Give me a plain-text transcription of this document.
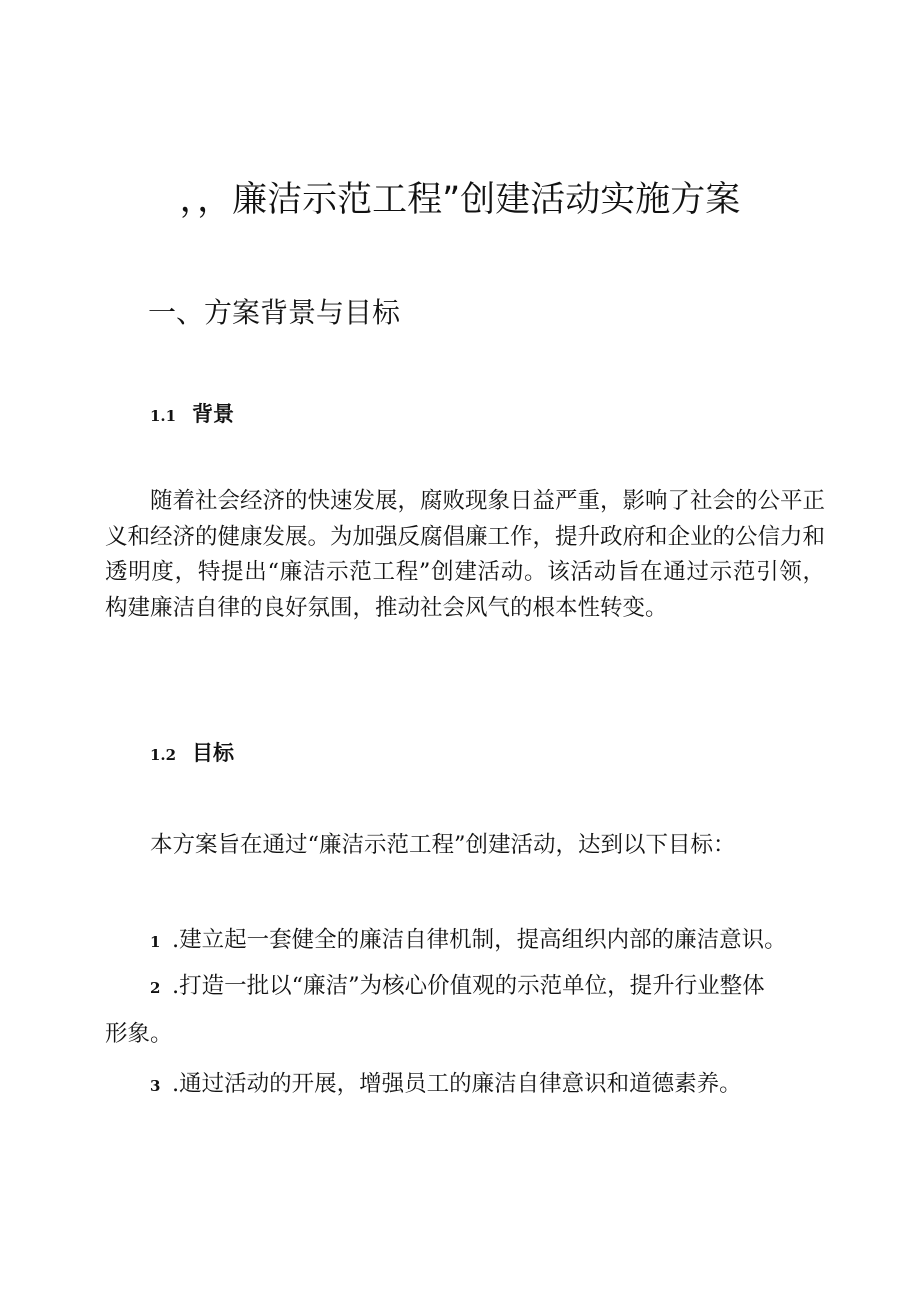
，，廉洁示范工程”创建活动实施方案
一、方案背景与目标
1.1 背景

随着社会经济的快速发展，腐败现象日益严重，影响了社会的公平正义和经济的健康发展。为加强反腐倡廉工作，提升政府和企业的公信力和透明度，特提出“廉洁示范工程”创建活动。该活动旨在通过示范引领，构建廉洁自律的良好氛围，推动社会风气的根本性转变。

1.2 目标

本方案旨在通过“廉洁示范工程”创建活动，达到以下目标：

1 .建立起一套健全的廉洁自律机制，提高组织内部的廉洁意识。

2 .打造一批以“廉洁”为核心价值观的示范单位，提升行业整体

形象。

3 .通过活动的开展，增强员工的廉洁自律意识和道德素养。
